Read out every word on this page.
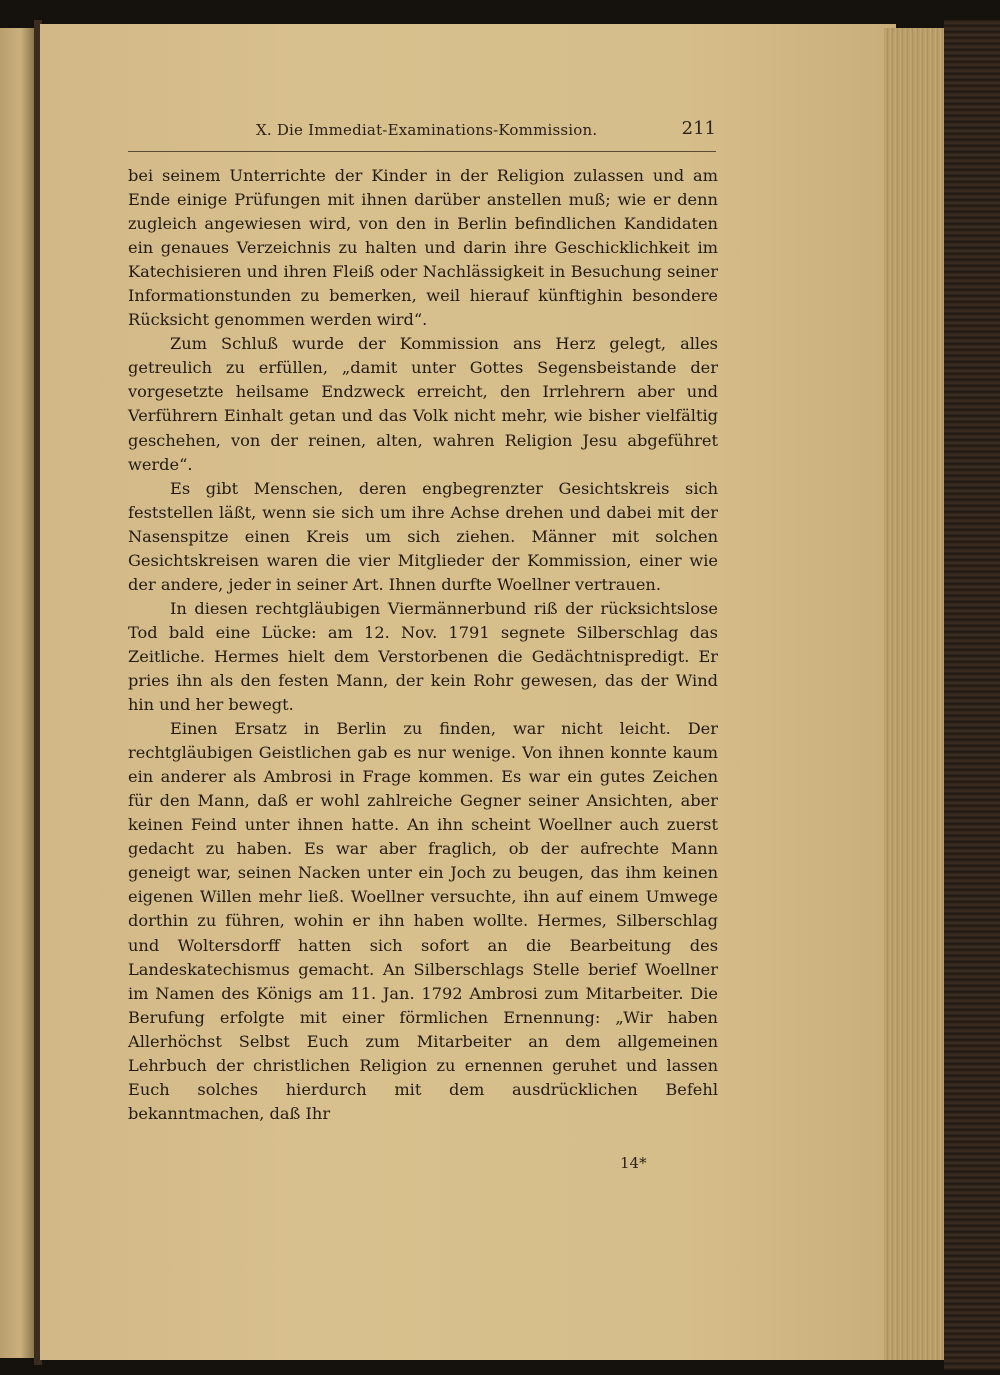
X. Die Immediat-Examinations-Kommission.	211

bei seinem Unterrichte der Kinder in der Religion zulassen und am Ende einige Prüfungen mit ihnen darüber anstellen muß; wie er denn zugleich angewiesen wird, von den in Berlin befindlichen Kandidaten ein genaues Verzeichnis zu halten und darin ihre Geschicklichkeit im Katechisieren und ihren Fleiß oder Nachlässigkeit in Besuchung seiner Informationstunden zu bemerken, weil hierauf künftighin besondere Rücksicht genommen werden wird“.

Zum Schluß wurde der Kommission ans Herz gelegt, alles getreulich zu erfüllen, „damit unter Gottes Segensbeistande der vorgesetzte heilsame Endzweck erreicht, den Irrlehrern aber und Verführern Einhalt getan und das Volk nicht mehr, wie bisher vielfältig geschehen, von der reinen, alten, wahren Religion Jesu abgeführet werde“.

Es gibt Menschen, deren engbegrenzter Gesichtskreis sich feststellen läßt, wenn sie sich um ihre Achse drehen und dabei mit der Nasenspitze einen Kreis um sich ziehen. Männer mit solchen Gesichtskreisen waren die vier Mitglieder der Kommission, einer wie der andere, jeder in seiner Art. Ihnen durfte Woellner vertrauen.

In diesen rechtgläubigen Viermännerbund riß der rücksichtslose Tod bald eine Lücke: am 12. Nov. 1791 segnete Silberschlag das Zeitliche. Hermes hielt dem Verstorbenen die Gedächtnispredigt. Er pries ihn als den festen Mann, der kein Rohr gewesen, das der Wind hin und her bewegt.

Einen Ersatz in Berlin zu finden, war nicht leicht. Der rechtgläubigen Geistlichen gab es nur wenige. Von ihnen konnte kaum ein anderer als Ambrosi in Frage kommen. Es war ein gutes Zeichen für den Mann, daß er wohl zahlreiche Gegner seiner Ansichten, aber keinen Feind unter ihnen hatte. An ihn scheint Woellner auch zuerst gedacht zu haben. Es war aber fraglich, ob der aufrechte Mann geneigt war, seinen Nacken unter ein Joch zu beugen, das ihm keinen eigenen Willen mehr ließ. Woellner versuchte, ihn auf einem Umwege dorthin zu führen, wohin er ihn haben wollte. Hermes, Silberschlag und Woltersdorff hatten sich sofort an die Bearbeitung des Landeskatechismus gemacht. An Silberschlags Stelle berief Woellner im Namen des Königs am 11. Jan. 1792 Ambrosi zum Mitarbeiter. Die Berufung erfolgte mit einer förmlichen Ernennung: „Wir haben Allerhöchst Selbst Euch zum Mitarbeiter an dem allgemeinen Lehrbuch der christlichen Religion zu ernennen geruhet und lassen Euch solches hierdurch mit dem ausdrücklichen Befehl bekanntmachen, daß Ihr

14*
